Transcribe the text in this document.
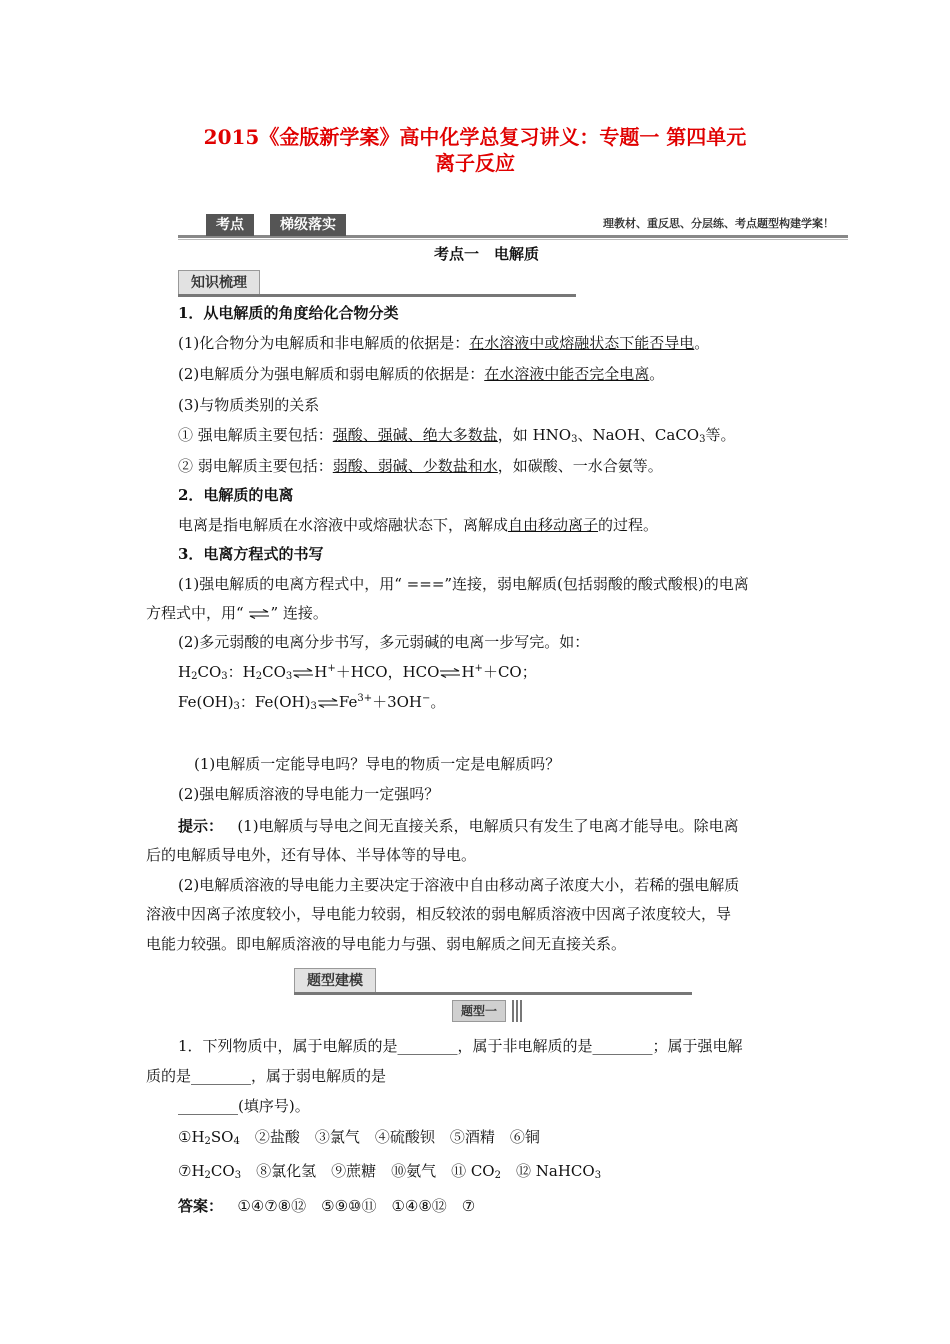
2015《金版新学案》高中化学总复习讲义：专题一 第四单元
离子反应
考点	梯级落实	理教材、重反思、分层练、考点题型构建学案！
考点一　电解质
知识梳理
1．从电解质的角度给化合物分类
(1)化合物分为电解质和非电解质的依据是：在水溶液中或熔融状态下能否导电。
(2)电解质分为强电解质和弱电解质的依据是：在水溶液中能否完全电离。
(3)与物质类别的关系
① 强电解质主要包括：强酸、强碱、绝大多数盐，如 $HNO_3$、NaOH、CaCO$_3$等。
② 弱电解质主要包括：弱酸、弱碱、少数盐和水，如碳酸、一水合氨等。
2．电解质的电离
电离是指电解质在水溶液中或熔融状态下，离解成自由移动离子的过程。
3．电离方程式的书写
(1)强电解质的电离方程式中，用“ ===”连接，弱电解质(包括弱酸的酸式酸根)的电离
方程式中，用“ ⇌” 连接。
(2)多元弱酸的电离分步书写，多元弱碱的电离一步写完。如：
$H_2CO_3$：$H_2CO_3\rightleftharpoons H^++HCO$，HCO⇌H+＋CO；
$Fe(OH)_3$：$Fe(OH)_3\rightleftharpoons Fe^{3+}+3OH^-$。
(1)电解质一定能导电吗？导电的物质一定是电解质吗？
(2)强电解质溶液的导电能力一定强吗？
提示： (1)电解质与导电之间无直接关系，电解质只有发生了电离才能导电。除电离
后的电解质导电外，还有导体、半导体等的导电。
(2)电解质溶液的导电能力主要决定于溶液中自由移动离子浓度大小，若稀的强电解质
溶液中因离子浓度较小，导电能力较弱，相反较浓的弱电解质溶液中因离子浓度较大，导
电能力较强。即电解质溶液的导电能力与强、弱电解质之间无直接关系。
题型建模
题型一
1．下列物质中，属于电解质的是________，属于非电解质的是________；属于强电解
质的是________，属于弱电解质的是
________(填序号)。
$①H_2SO_4$　②盐酸　③氯气　④硫酸钡　⑤酒精　⑥铜
$⑦H_2CO_3$　⑧氯化氢　⑨蔗糖　⑩氨气　⑪ $CO_2$　⑫ NaHCO$_3$
答案： ①④⑦⑧⑫　⑤⑨⑩⑪　①④⑧⑫　⑦
